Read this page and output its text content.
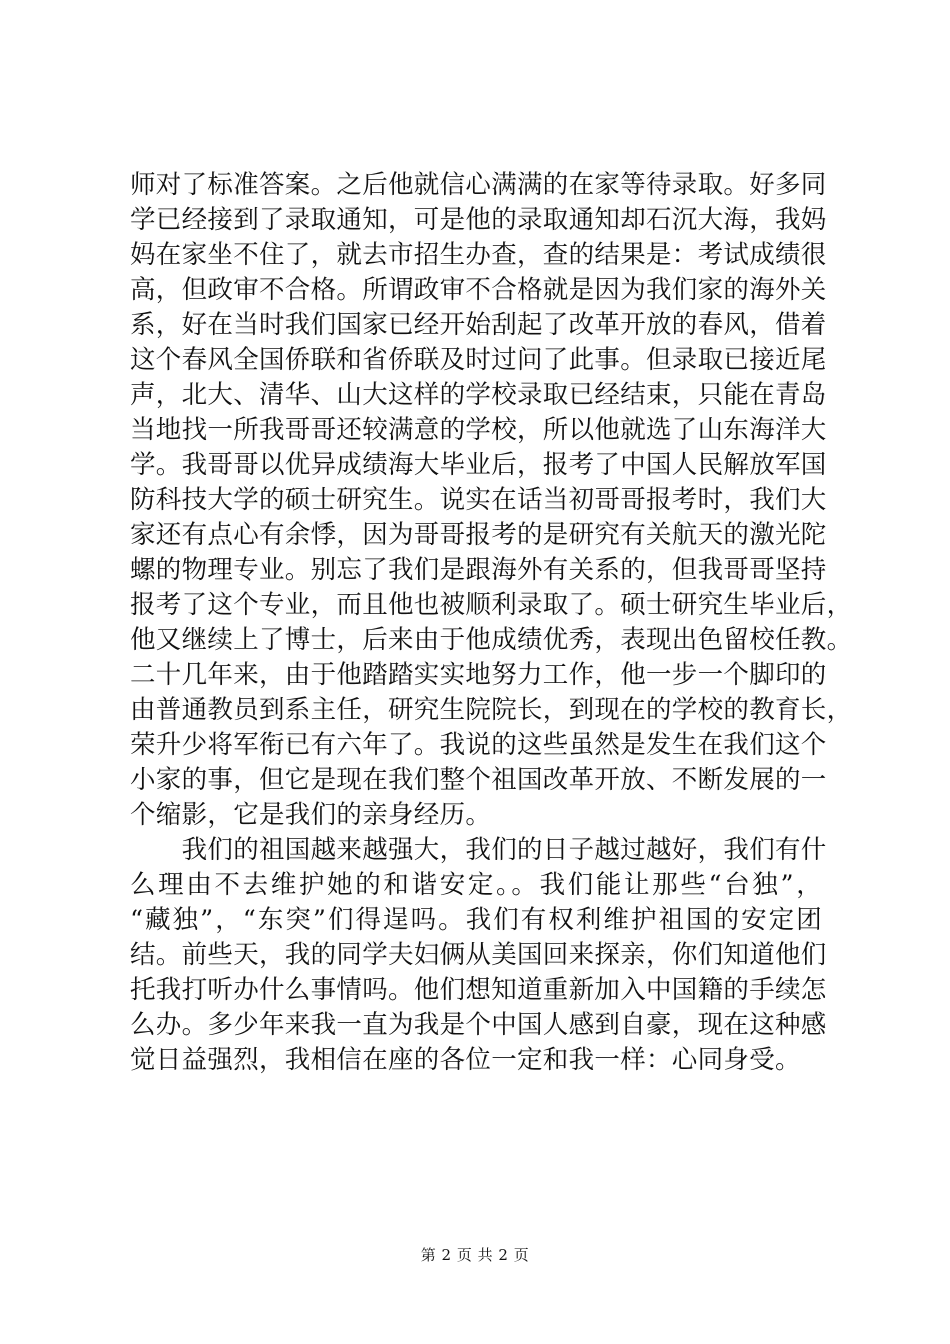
师对了标准答案。之后他就信心满满的在家等待录取。好多同
学已经接到了录取通知，可是他的录取通知却石沉大海，我妈
妈在家坐不住了，就去市招生办查，查的结果是：考试成绩很
高，但政审不合格。所谓政审不合格就是因为我们家的海外关
系，好在当时我们国家已经开始刮起了改革开放的春风，借着
这个春风全国侨联和省侨联及时过问了此事。但录取已接近尾
声，北大、清华、山大这样的学校录取已经结束，只能在青岛
当地找一所我哥哥还较满意的学校，所以他就选了山东海洋大
学。我哥哥以优异成绩海大毕业后，报考了中国人民解放军国
防科技大学的硕士研究生。说实在话当初哥哥报考时，我们大
家还有点心有余悸，因为哥哥报考的是研究有关航天的激光陀
螺的物理专业。别忘了我们是跟海外有关系的，但我哥哥坚持
报考了这个专业，而且他也被顺利录取了。硕士研究生毕业后，
他又继续上了博士，后来由于他成绩优秀，表现出色留校任教。
二十几年来，由于他踏踏实实地努力工作，他一步一个脚印的
由普通教员到系主任，研究生院院长，到现在的学校的教育长，
荣升少将军衔已有六年了。我说的这些虽然是发生在我们这个
小家的事，但它是现在我们整个祖国改革开放、不断发展的一
个缩影，它是我们的亲身经历。
　　我们的祖国越来越强大，我们的日子越过越好，我们有什
么理由不去维护她的和谐安定。。我们能让那些“台独”，
“藏独”，“东突”们得逞吗。我们有权利维护祖国的安定团
结。前些天，我的同学夫妇俩从美国回来探亲，你们知道他们
托我打听办什么事情吗。他们想知道重新加入中国籍的手续怎
么办。多少年来我一直为我是个中国人感到自豪，现在这种感
觉日益强烈，我相信在座的各位一定和我一样：心同身受。
第 2 页 共 2 页
